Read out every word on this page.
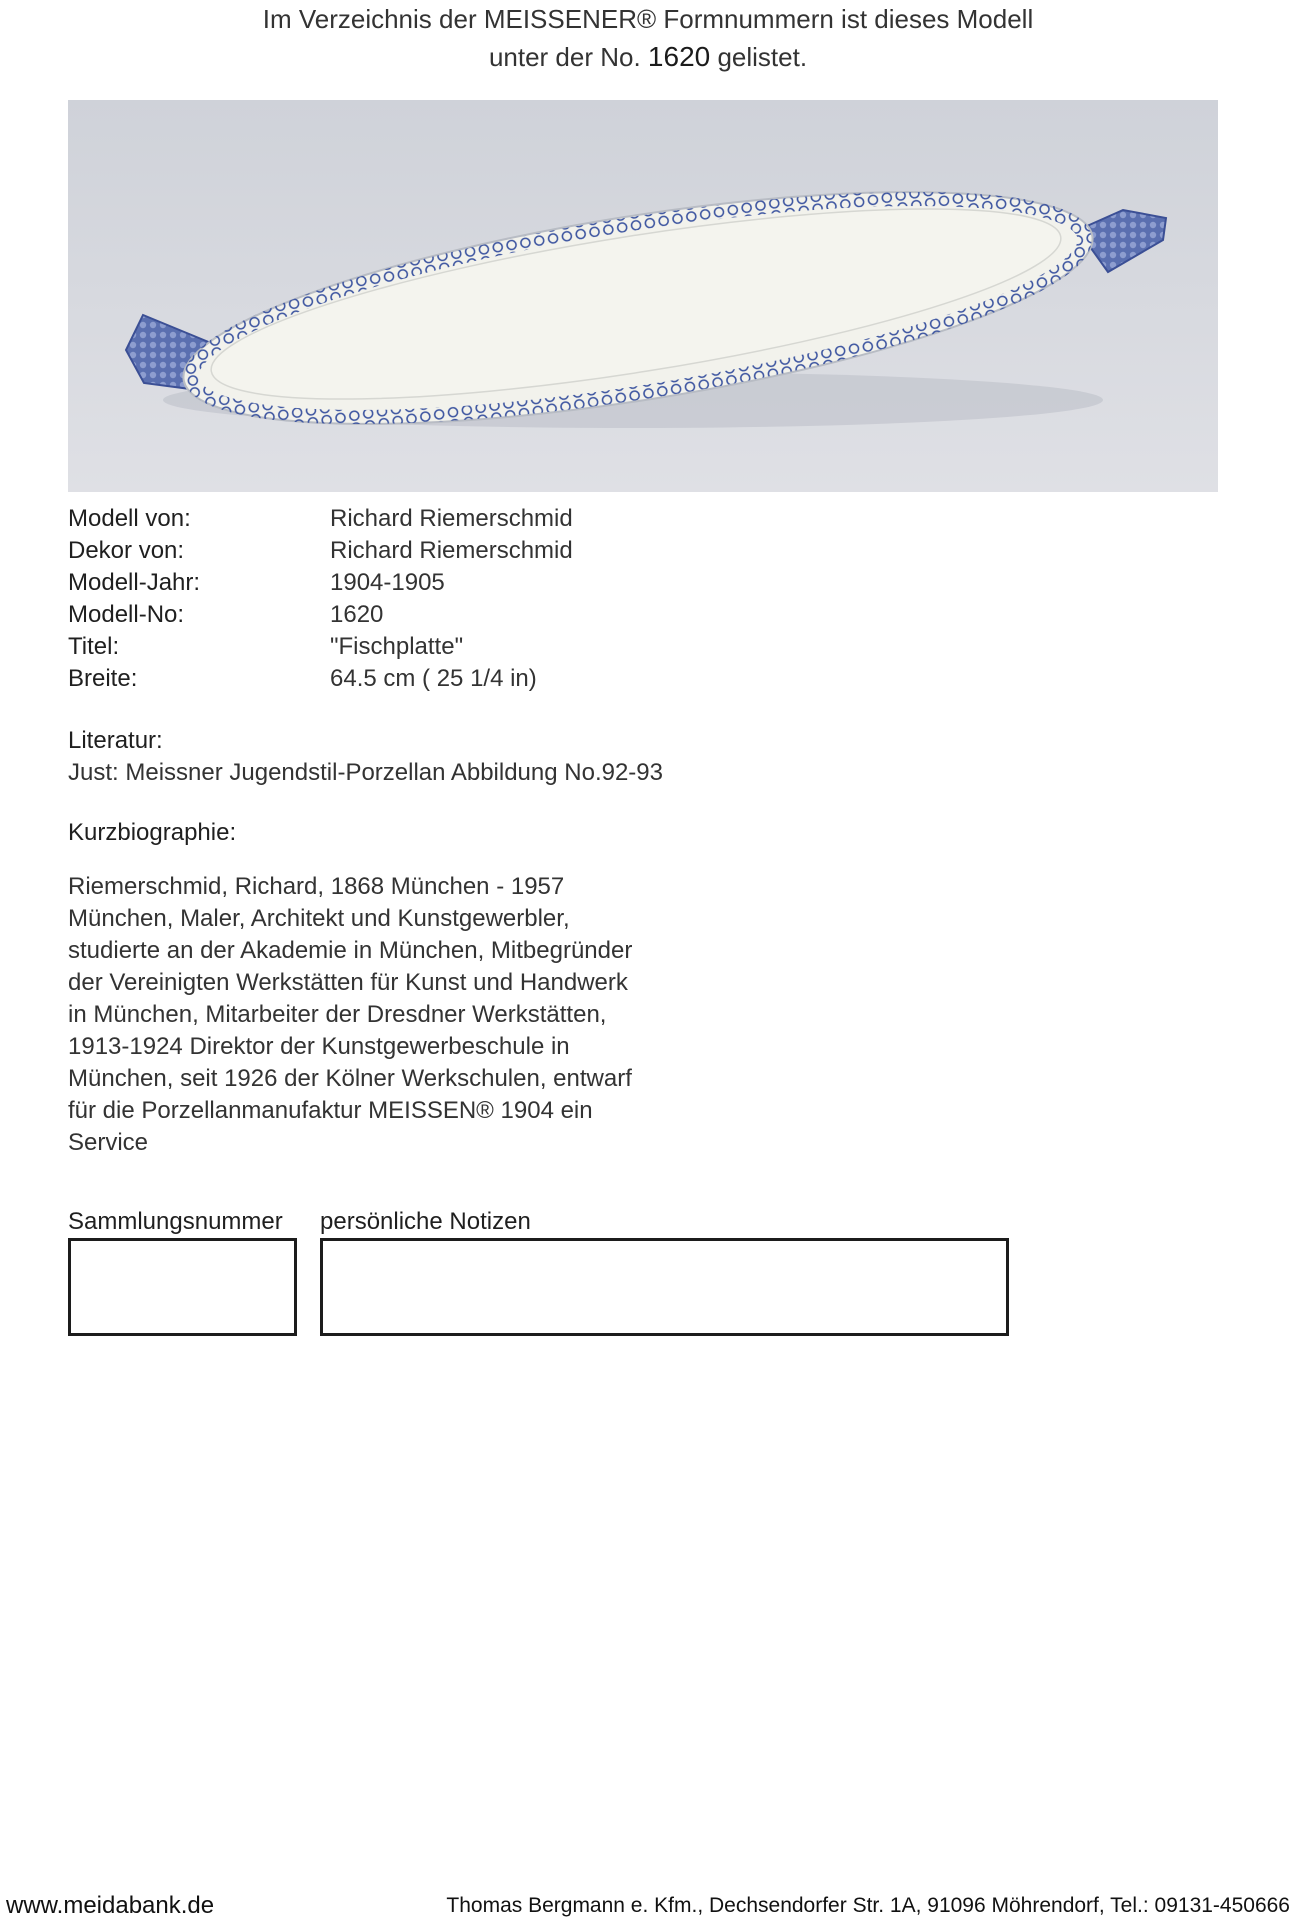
Im Verzeichnis der MEISSENER® Formnummern ist dieses Modell
unter der No. 1620 gelistet.
Modell von:	Richard Riemerschmid
Dekor von:	Richard Riemerschmid
Modell-Jahr:	1904-1905
Modell-No:	1620
Titel:	"Fischplatte"
Breite:	64.5 cm ( 25 1/4 in)
Literatur:
Just: Meissner Jugendstil-Porzellan Abbildung No.92-93
Kurzbiographie:
Riemerschmid, Richard, 1868 München - 1957
München, Maler, Architekt und Kunstgewerbler,
studierte an der Akademie in München, Mitbegründer
der Vereinigten Werkstätten für Kunst und Handwerk
in München, Mitarbeiter der Dresdner Werkstätten,
1913-1924 Direktor der Kunstgewerbeschule in
München, seit 1926 der Kölner Werkschulen, entwarf
für die Porzellanmanufaktur MEISSEN® 1904 ein
Service
Sammlungsnummer persönliche Notizen
www.meidabank.de	Thomas Bergmann e. Kfm., Dechsendorfer Str. 1A, 91096 Möhrendorf, Tel.: 09131-450666
